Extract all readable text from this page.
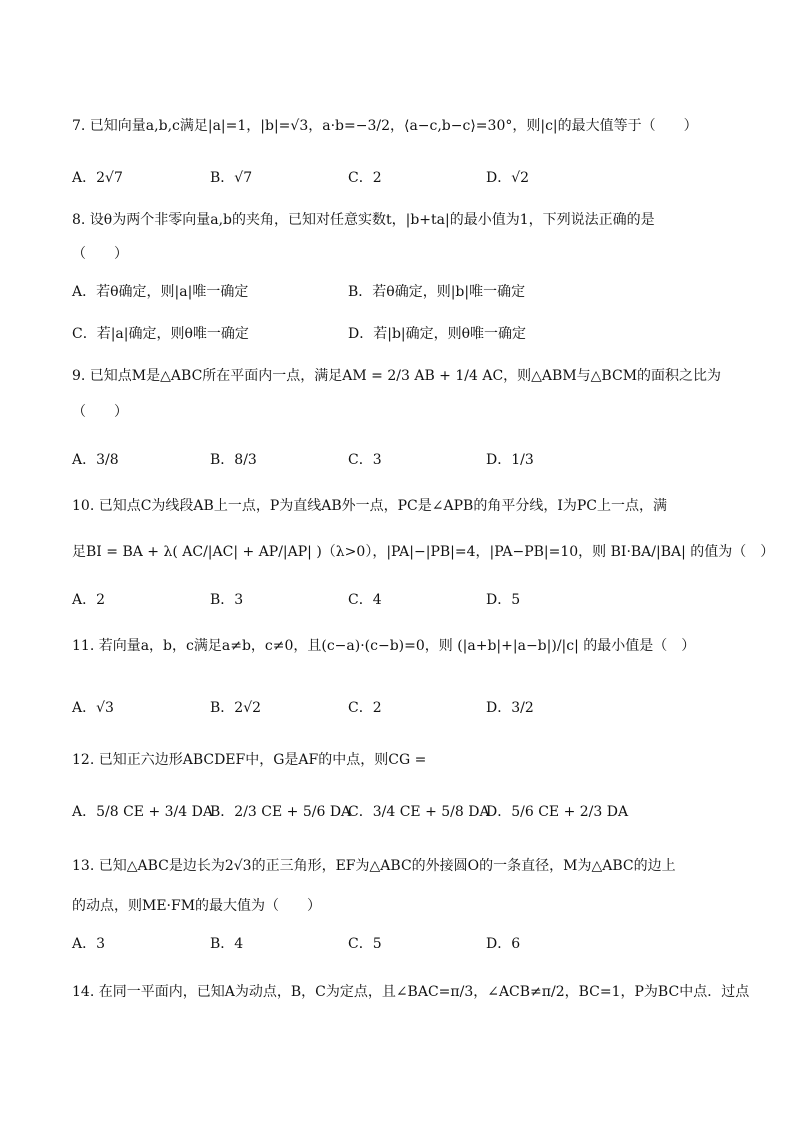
7. 已知向量a,b,c满足|a|=1，|b|=√3，a·b=−3/2，⟨a−c,b−c⟩=30°，则|c|的最大值等于（　　）
A．2√7	B．√7	C．2	D．√2
8. 设θ为两个非零向量a,b的夹角，已知对任意实数t，|b+ta|的最小值为1，下列说法正确的是
（　　）
A．若θ确定，则|a|唯一确定	B．若θ确定，则|b|唯一确定
C．若|a|确定，则θ唯一确定	D．若|b|确定，则θ唯一确定
9. 已知点M是△ABC所在平面内一点，满足AM = 2/3 AB + 1/4 AC，则△ABM与△BCM的面积之比为
（　　）
A．3/8	B．8/3	C．3	D．1/3
10. 已知点C为线段AB上一点，P为直线AB外一点，PC是∠APB的角平分线，I为PC上一点，满
足BI = BA + λ( AC/|AC| + AP/|AP| )（λ>0），|PA|−|PB|=4，|PA−PB|=10，则 BI·BA/|BA| 的值为（　）
A．2	B．3	C．4	D．5
11. 若向量a，b，c满足a≠b，c≠0，且(c−a)·(c−b)=0，则 (|a+b|+|a−b|)/|c| 的最小值是（　）
A．√3	B．2√2	C．2	D．3/2
12. 已知正六边形ABCDEF中，G是AF的中点，则CG =
A．5/8 CE + 3/4 DA
B．2/3 CE + 5/6 DA
C．3/4 CE + 5/8 DA
D．5/6 CE + 2/3 DA
13. 已知△ABC是边长为2√3的正三角形，EF为△ABC的外接圆O的一条直径，M为△ABC的边上
的动点，则ME·FM的最大值为（　　）
A．3	B．4	C．5	D．6
14. 在同一平面内，已知A为动点，B，C为定点，且∠BAC=π/3，∠ACB≠π/2，BC=1，P为BC中点．过点
